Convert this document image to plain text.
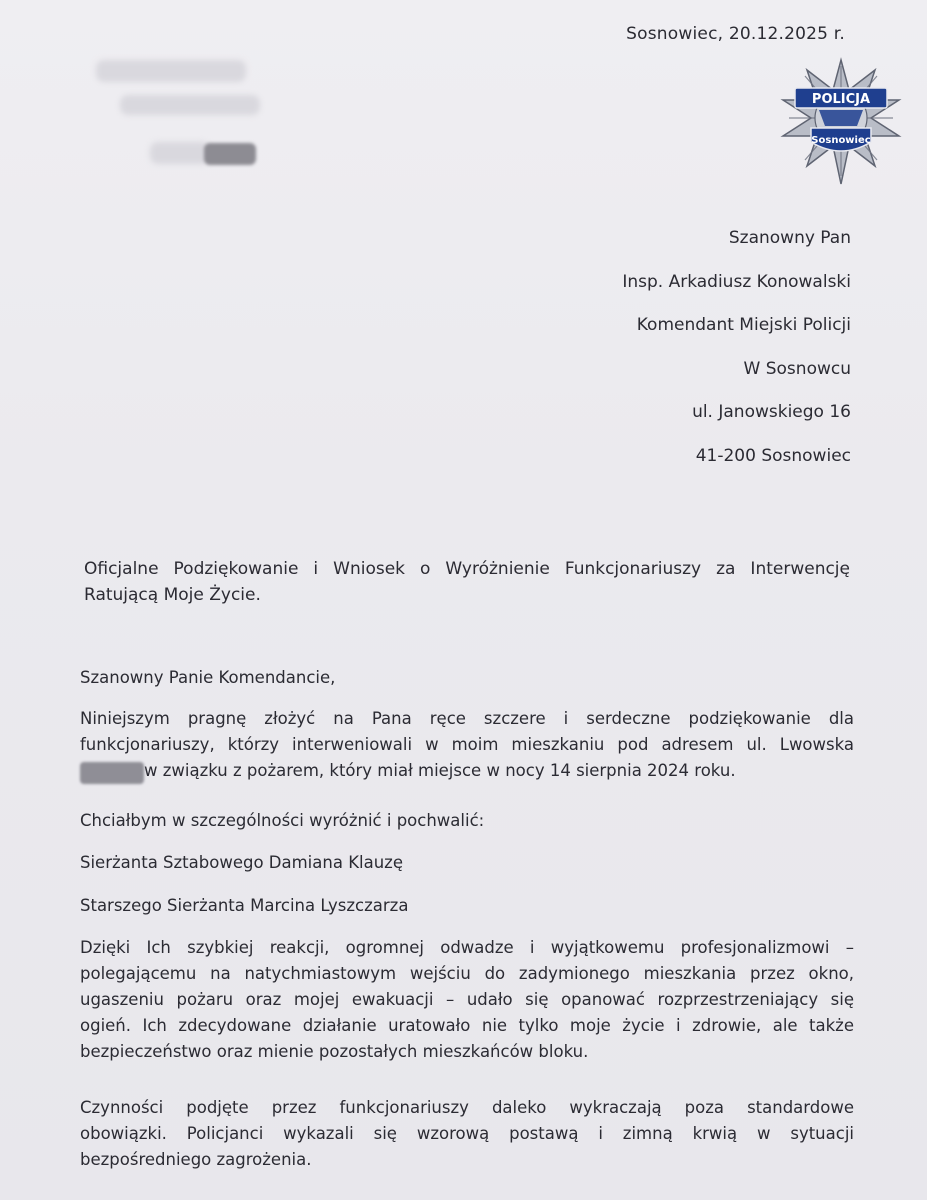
Sosnowiec, 20.12.2025 r.
POLICJA
Sosnowiec
Szanowny Pan
Insp. Arkadiusz Konowalski
Komendant Miejski Policji
W Sosnowcu
ul. Janowskiego 16
41-200 Sosnowiec
Oficjalne Podziękowanie i Wniosek o Wyróżnienie Funkcjonariuszy za Interwencję
Ratującą Moje Życie.
Szanowny Panie Komendancie,
Niniejszym pragnę złożyć na Pana ręce szczere i serdeczne podziękowanie dla
funkcjonariuszy, którzy interweniowali w moim mieszkaniu pod adresem ul. Lwowska
w związku z pożarem, który miał miejsce w nocy 14 sierpnia 2024 roku.
Chciałbym w szczególności wyróżnić i pochwalić:
Sierżanta Sztabowego Damiana Klauzę
Starszego Sierżanta Marcina Lyszczarza
Dzięki Ich szybkiej reakcji, ogromnej odwadze i wyjątkowemu profesjonalizmowi –
polegającemu na natychmiastowym wejściu do zadymionego mieszkania przez okno,
ugaszeniu pożaru oraz mojej ewakuacji – udało się opanować rozprzestrzeniający się
ogień. Ich zdecydowane działanie uratowało nie tylko moje życie i zdrowie, ale także
bezpieczeństwo oraz mienie pozostałych mieszkańców bloku.
Czynności podjęte przez funkcjonariuszy daleko wykraczają poza standardowe
obowiązki. Policjanci wykazali się wzorową postawą i zimną krwią w sytuacji
bezpośredniego zagrożenia.
